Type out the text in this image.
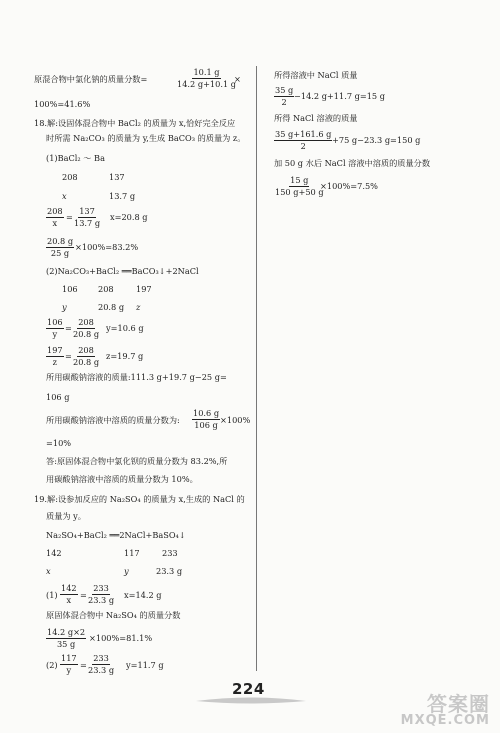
原混合物中氯化钠的质量分数=
10.1 g
14.2 g+10.1 g
×
100%=41.6%
18.解:设固体混合物中 BaCl₂ 的质量为 x,恰好完全反应
时所需 Na₂CO₃ 的质量为 y,生成 BaCO₃ 的质量为 z。
(1)BaCl₂ ～ Ba
208	137
x	13.7 g
208
x
=
137
13.7 g
x=20.8 g
20.8 g
25 g
×100%=83.2%
(2)Na₂CO₃+BaCl₂ ══BaCO₃↓+2NaCl
106 208	197
y	20.8 g z
106
y
=
208
20.8 g
y=10.6 g
197
z
=
208
20.8 g
z=19.7 g
所用碳酸钠溶液的质量:111.3 g+19.7 g−25 g=
106 g
所用碳酸钠溶液中溶质的质量分数为:
10.6 g
106 g ×100%
=10%
答:原固体混合物中氯化钡的质量分数为 83.2%,所
用碳酸钠溶液中溶质的质量分数为 10%。
19.解:设参加反应的 Na₂SO₄ 的质量为 x,生成的 NaCl 的
质量为 y。
Na₂SO₄+BaCl₂ ══2NaCl+BaSO₄↓
142	117	233
x	y	23.3 g
(1)
142
x =
233
23.3 g x=14.2 g
原固体混合物中 Na₂SO₄ 的质量分数
14.2 g×2
35 g
×100%=81.1%
(2)
117
y =
233
23.3 g y=11.7 g
所得溶液中 NaCl 质量
35 g
2
−14.2 g+11.7 g=15 g
所得 NaCl 溶液的质量
35 g+161.6 g
2
+75 g−23.3 g=150 g
加 50 g 水后 NaCl 溶液中溶质的质量分数
15 g
150 g+50 g
×100%=7.5%
224
答案圈
MXQE.COM
